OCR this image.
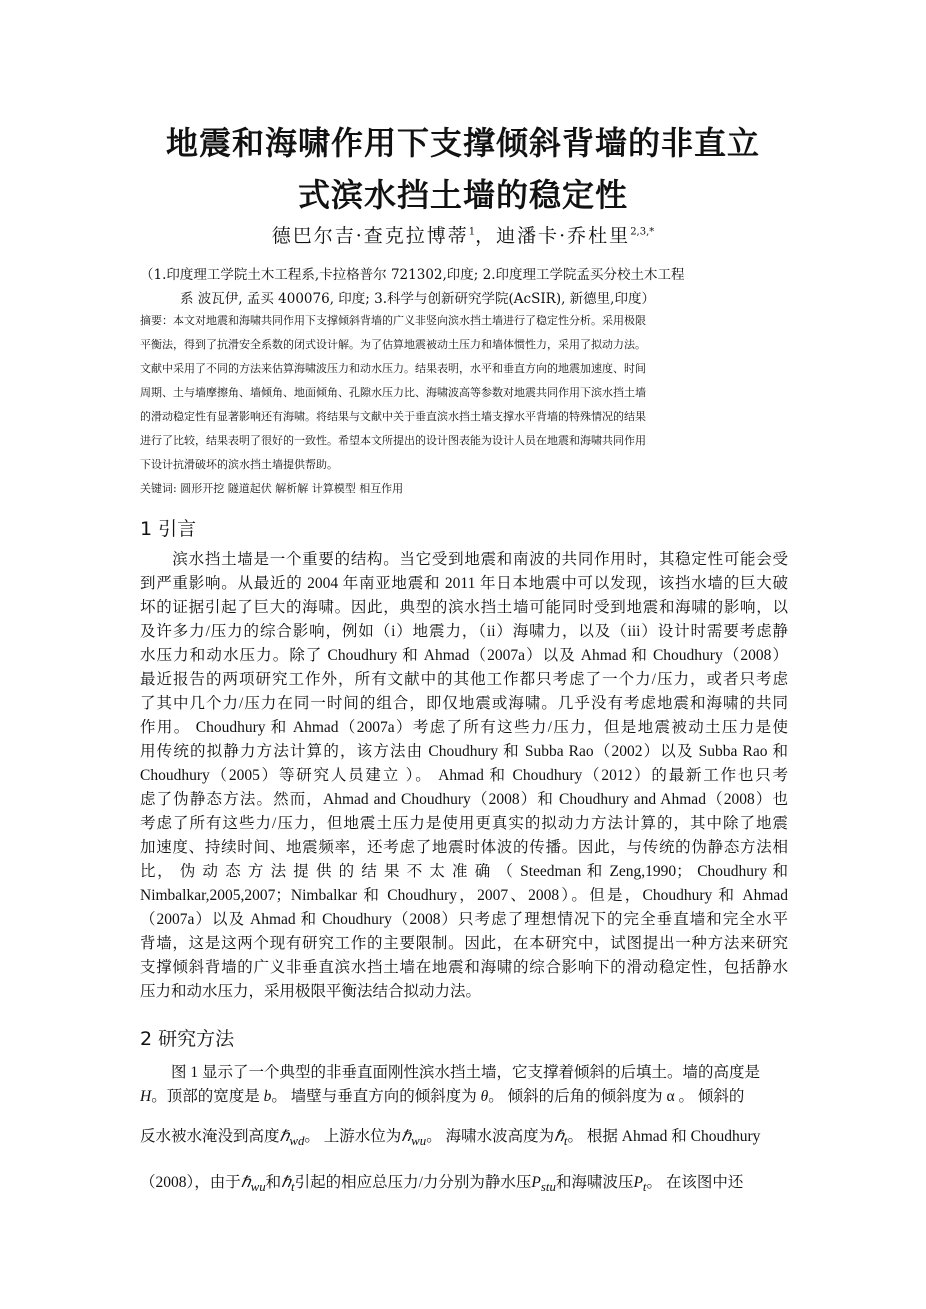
地震和海啸作用下支撑倾斜背墙的非直立
式滨水挡土墙的稳定性
德巴尔吉·查克拉博蒂$^1$，迪潘卡·乔杜里$^{2,3,*}$
（1.印度理工学院土木工程系,卡拉格普尔 721302,印度; 2.印度理工学院孟买分校土木工程
系 波瓦伊, 孟买 400076, 印度; 3.科学与创新研究学院(AcSIR), 新德里,印度）
摘要：本文对地震和海啸共同作用下支撑倾斜背墙的广义非竖向滨水挡土墙进行了稳定性分析。采用极限
平衡法，得到了抗滑安全系数的闭式设计解。为了估算地震被动土压力和墙体惯性力，采用了拟动力法。
文献中采用了不同的方法来估算海啸波压力和动水压力。结果表明，水平和垂直方向的地震加速度、时间
周期、土与墙摩擦角、墙倾角、地面倾角、孔隙水压力比、海啸波高等参数对地震共同作用下滨水挡土墙
的滑动稳定性有显著影响还有海啸。将结果与文献中关于垂直滨水挡土墙支撑水平背墙的特殊情况的结果
进行了比较，结果表明了很好的一致性。希望本文所提出的设计图表能为设计人员在地震和海啸共同作用
下设计抗滑破坏的滨水挡土墙提供帮助。
关键词: 圆形开挖 隧道起伏 解析解 计算模型 相互作用
1 引言
　　滨水挡土墙是一个重要的结构。当它受到地震和南波的共同作用时，其稳定性可能会受
到严重影响。从最近的 2004 年南亚地震和 2011 年日本地震中可以发现，该挡水墙的巨大破
坏的证据引起了巨大的海啸。因此，典型的滨水挡土墙可能同时受到地震和海啸的影响，以
及许多力/压力的综合影响，例如（i）地震力，（ii）海啸力，以及（iii）设计时需要考虑静
水压力和动水压力。除了 Choudhury 和 Ahmad（2007a）以及 Ahmad 和 Choudhury（2008）
最近报告的两项研究工作外，所有文献中的其他工作都只考虑了一个力/压力，或者只考虑
了其中几个力/压力在同一时间的组合，即仅地震或海啸。几乎没有考虑地震和海啸的共同
作用。 Choudhury 和 Ahmad（2007a）考虑了所有这些力/压力，但是地震被动土压力是使
用传统的拟静力方法计算的，该方法由 Choudhury 和 Subba Rao（2002）以及 Subba Rao 和
Choudhury（2005）等研究人员建立 ）。 Ahmad 和 Choudhury（2012）的最新工作也只考
虑了伪静态方法。然而，Ahmad and Choudhury（2008）和 Choudhury and Ahmad（2008）也
考虑了所有这些力/压力，但地震土压力是使用更真实的拟动力方法计算的，其中除了地震
加速度、持续时间、地震频率，还考虑了地震时体波的传播。因此，与传统的伪静态方法相
比， 伪 动 态 方 法 提 供 的 结 果 不 太 准 确 （ Steedman 和 Zeng,1990； Choudhury 和
Nimbalkar,2005,2007；Nimbalkar 和 Choudhury，2007、2008）。但是，Choudhury 和 Ahmad
（2007a）以及 Ahmad 和 Choudhury（2008）只考虑了理想情况下的完全垂直墙和完全水平
背墙，这是这两个现有研究工作的主要限制。因此，在本研究中，试图提出一种方法来研究
支撑倾斜背墙的广义非垂直滨水挡土墙在地震和海啸的综合影响下的滑动稳定性，包括静水
压力和动水压力，采用极限平衡法结合拟动力法。
2 研究方法
　　图 1 显示了一个典型的非垂直面刚性滨水挡土墙，它支撑着倾斜的后填土。墙的高度是
H。顶部的宽度是 b。 墙壁与垂直方向的倾斜度为 θ。 倾斜的后角的倾斜度为 α 。 倾斜的
反水被水淹没到高度ℏ$_{wd}$。 上游水位为ℏ$_{wu}$。 海啸水波高度为ℏ$_t$。 根据 Ahmad 和 Choudhury
（2008），由于ℏ$_{wu}$和ℏ$_t$引起的相应总压力/力分别为静水压$P_{stu}$和海啸波压$P_t$。 在该图中还
